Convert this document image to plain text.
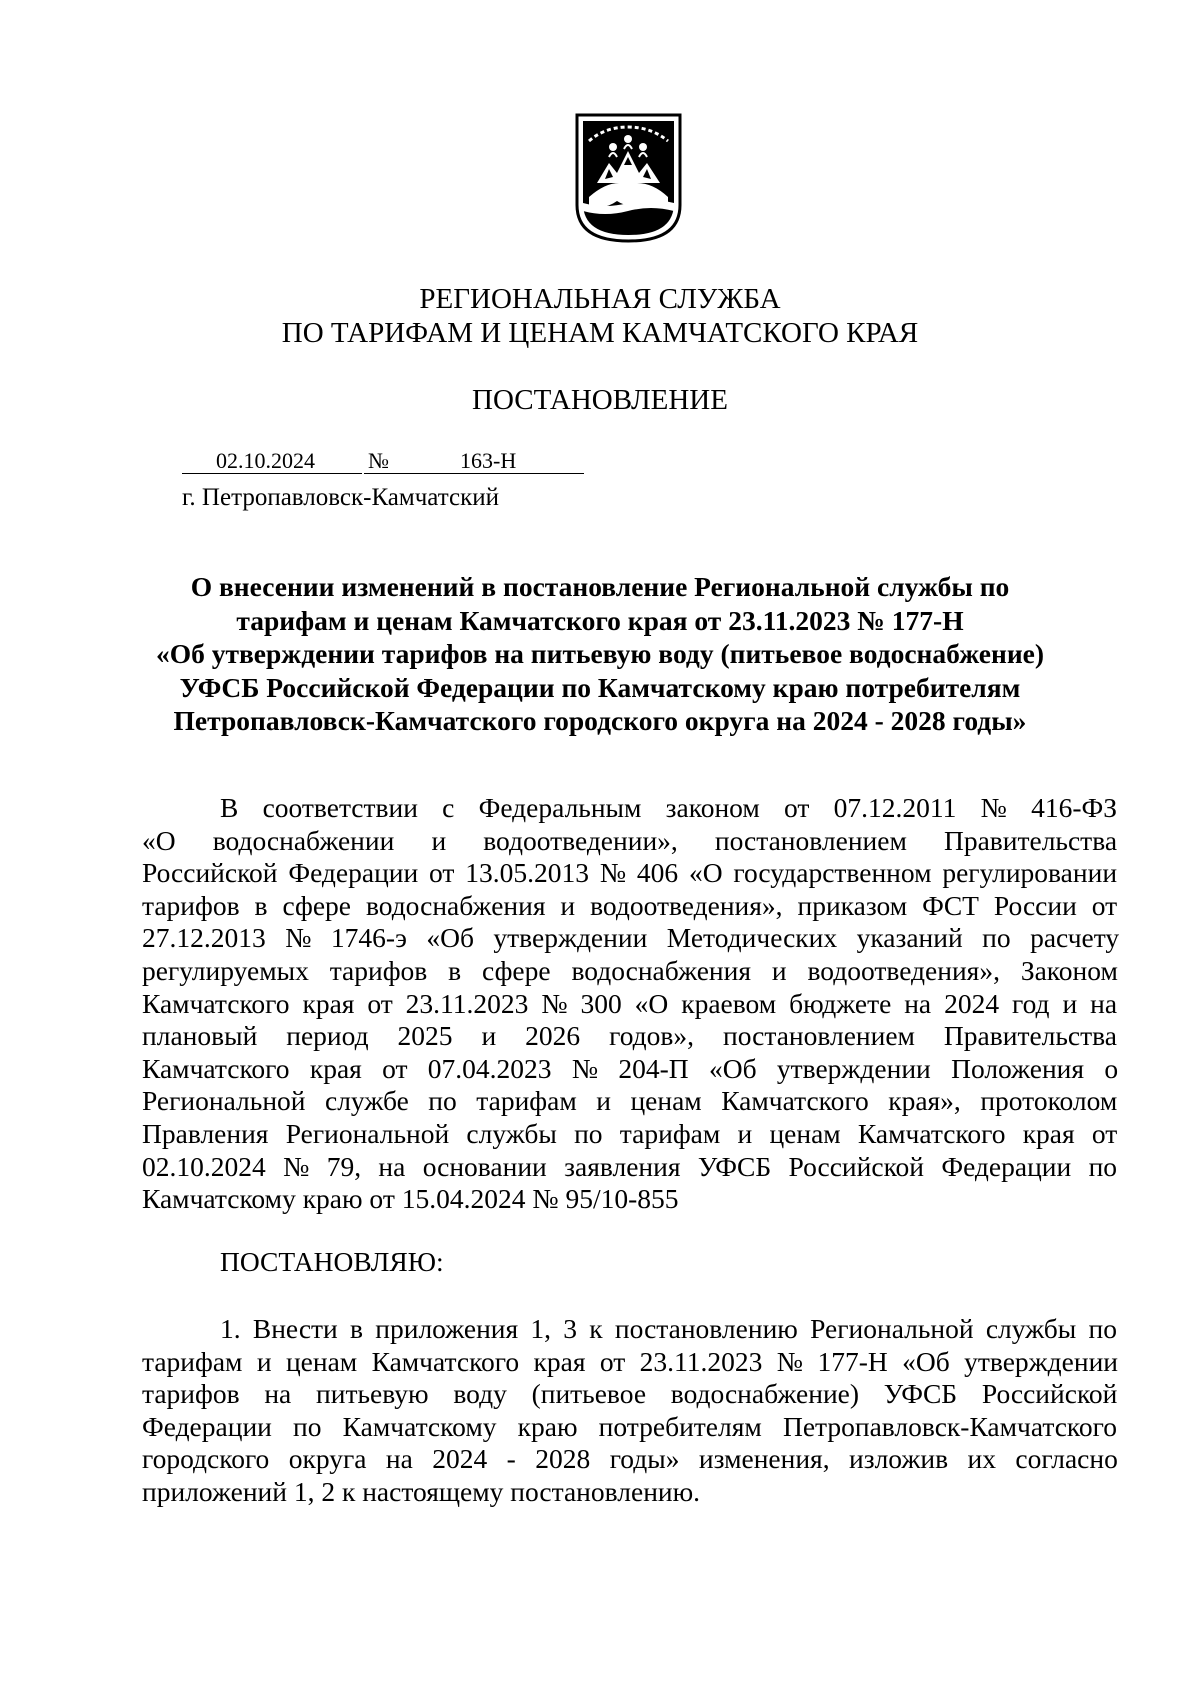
РЕГИОНАЛЬНАЯ СЛУЖБА
ПО ТАРИФАМ И ЦЕНАМ КАМЧАТСКОГО КРАЯ
ПОСТАНОВЛЕНИЕ
02.10.2024 №	163-Н
г. Петропавловск-Камчатский
О внесении изменений в постановление Региональной службы по
тарифам и ценам Камчатского края от 23.11.2023 № 177-Н
«Об утверждении тарифов на питьевую воду (питьевое водоснабжение)
УФСБ Российской Федерации по Камчатскому краю потребителям
Петропавловск-Камчатского городского округа на 2024 - 2028 годы»
В соответствии с Федеральным законом от 07.12.2011 № 416-ФЗ
«О водоснабжении и водоотведении», постановлением Правительства
Российской Федерации от 13.05.2013 № 406 «О государственном регулировании
тарифов в сфере водоснабжения и водоотведения», приказом ФСТ России от
27.12.2013 № 1746-э «Об утверждении Методических указаний по расчету
регулируемых тарифов в сфере водоснабжения и водоотведения», Законом
Камчатского края от 23.11.2023 № 300 «О краевом бюджете на 2024 год и на
плановый период 2025 и 2026 годов», постановлением Правительства
Камчатского края от 07.04.2023 № 204-П «Об утверждении Положения о
Региональной службе по тарифам и ценам Камчатского края», протоколом
Правления Региональной службы по тарифам и ценам Камчатского края от
02.10.2024 № 79, на основании заявления УФСБ Российской Федерации по
Камчатскому краю от 15.04.2024 № 95/10-855
ПОСТАНОВЛЯЮ:
1. Внести в приложения 1, 3 к постановлению Региональной службы по
тарифам и ценам Камчатского края от 23.11.2023 № 177-Н «Об утверждении
тарифов на питьевую воду (питьевое водоснабжение) УФСБ Российской
Федерации по Камчатскому краю потребителям Петропавловск-Камчатского
городского округа на 2024 - 2028 годы» изменения, изложив их согласно
приложений 1, 2 к настоящему постановлению.
